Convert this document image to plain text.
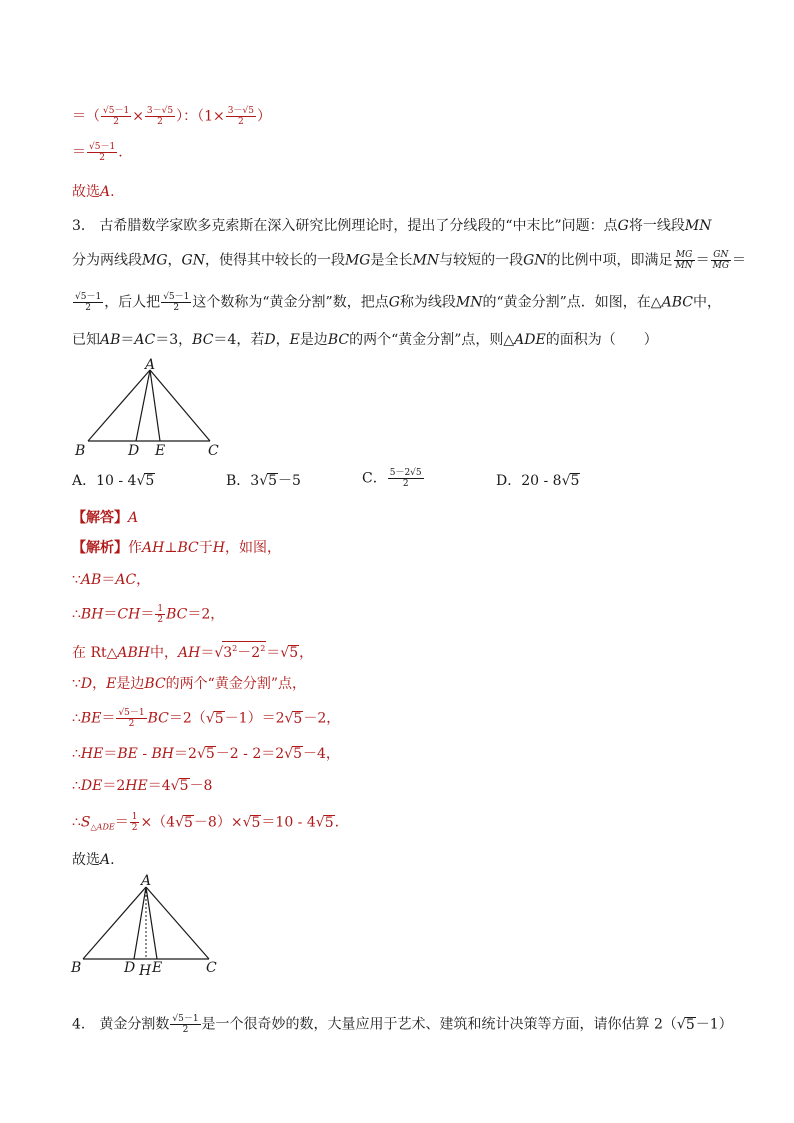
＝（ $\frac{√5-1}{2} \times \frac{3-√5}{2}$ ）：（$1\times \frac{3-√5}{2}$ ）
＝ $\frac{√5-1}{2}$ .
故选A.
3． 古希腊数学家欧多克索斯在深入研究比例理论时，提出了分线段的“中末比”问题：点G将一线段MN
分为两线段MG，GN，使得其中较长的一段MG是全长MN与较短的一段GN的比例中项，即满足 $\frac{MG}{MN} = \frac{GN}{MG}$ ＝
$\frac{√5-1}{2}$ ，后人把 $\frac{√5-1}{2}$ 这个数称为“黄金分割”数，把点G称为线段MN的“黄金分割”点．如图，在△ABC中，
已知AB＝AC＝3，BC＝4，若D，E是边BC的两个“黄金分割”点，则△ADE的面积为（　　）
A
B	D E	C
A．10 - 4√5	B．3√5－5	C． $\frac{5-2√5}{2}$	D．20 - 8√5
【解答】A
【解析】作AH⊥BC于H，如图，
∵AB＝AC，
∴BH＝CH＝ $\frac{1}{2} BC=2$，
在 Rt△ABH中，$AH=√3^2-2^2=√5$，
∵D，E是边BC的两个“黄金分割”点，
∴BE＝ $\frac{√5-1}{2} BC=2(√5-1)=2√5-2$，
∴HE＝BE - BH＝2√5－2 - 2＝2√5－4，
∴DE＝2HE＝4√5－8
$\therefore S_{\triangle ADE}= \frac{1}{2} \times(4√5-8)\times√5=10 - 4√5$.
故选A.
A
B	D H E	C
4． 黄金分割数 $\frac{√5-1}{2}$ 是一个很奇妙的数，大量应用于艺术、建筑和统计决策等方面，请你估算 2（√5－1）
